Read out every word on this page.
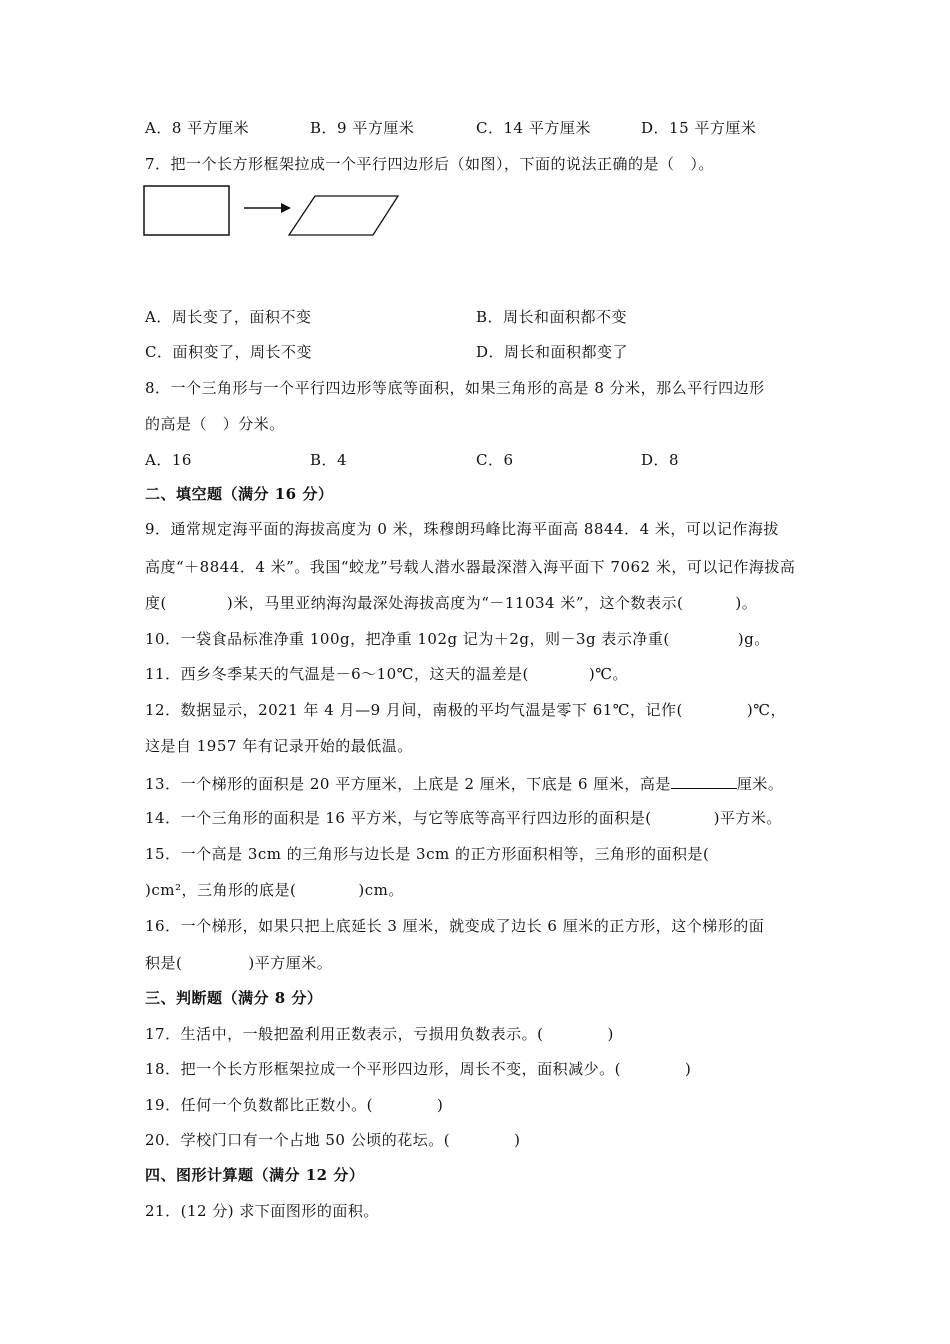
A．8 平方厘米	B．9 平方厘米	C．14 平方厘米	D．15 平方厘米
7．把一个长方形框架拉成一个平行四边形后（如图），下面的说法正确的是（   ）。
A．周长变了，面积不变	B．周长和面积都不变
C．面积变了，周长不变	D．周长和面积都变了
8．一个三角形与一个平行四边形等底等面积，如果三角形的高是 8 分米，那么平行四边形
的高是（   ）分米。
A．16	B．4	C．6	D．8
二、填空题（满分 16 分）
9．通常规定海平面的海拔高度为 0 米，珠穆朗玛峰比海平面高 8844．4 米，可以记作海拔
高度“＋8844．4 米”。我国“蛟龙”号载人潜水器最深潜入海平面下 7062 米，可以记作海拔高
度(	)米，马里亚纳海沟最深处海拔高度为“－11034 米”，这个数表示(	)。
10．一袋食品标准净重 100g，把净重 102g 记为＋2g，则－3g 表示净重(	)g。
11．西乡冬季某天的气温是－6～10℃，这天的温差是(	)℃。
12．数据显示，2021 年 4 月—9 月间，南极的平均气温是零下 61℃，记作(	)℃，
这是自 1957 年有记录开始的最低温。
13．一个梯形的面积是 20 平方厘米，上底是 2 厘米，下底是 6 厘米，高是	厘米。
14．一个三角形的面积是 16 平方米，与它等底等高平行四边形的面积是(	)平方米。
15．一个高是 3cm 的三角形与边长是 3cm 的正方形面积相等，三角形的面积是(
)cm²，三角形的底是(	)cm。
16．一个梯形，如果只把上底延长 3 厘米，就变成了边长 6 厘米的正方形，这个梯形的面
积是(	)平方厘米。
三、判断题（满分 8 分）
17．生活中，一般把盈利用正数表示，亏损用负数表示。(	)
18．把一个长方形框架拉成一个平形四边形，周长不变，面积减少。(	)
19．任何一个负数都比正数小。(	)
20．学校门口有一个占地 50 公顷的花坛。(	)
四、图形计算题（满分 12 分）
21．(12 分) 求下面图形的面积。
